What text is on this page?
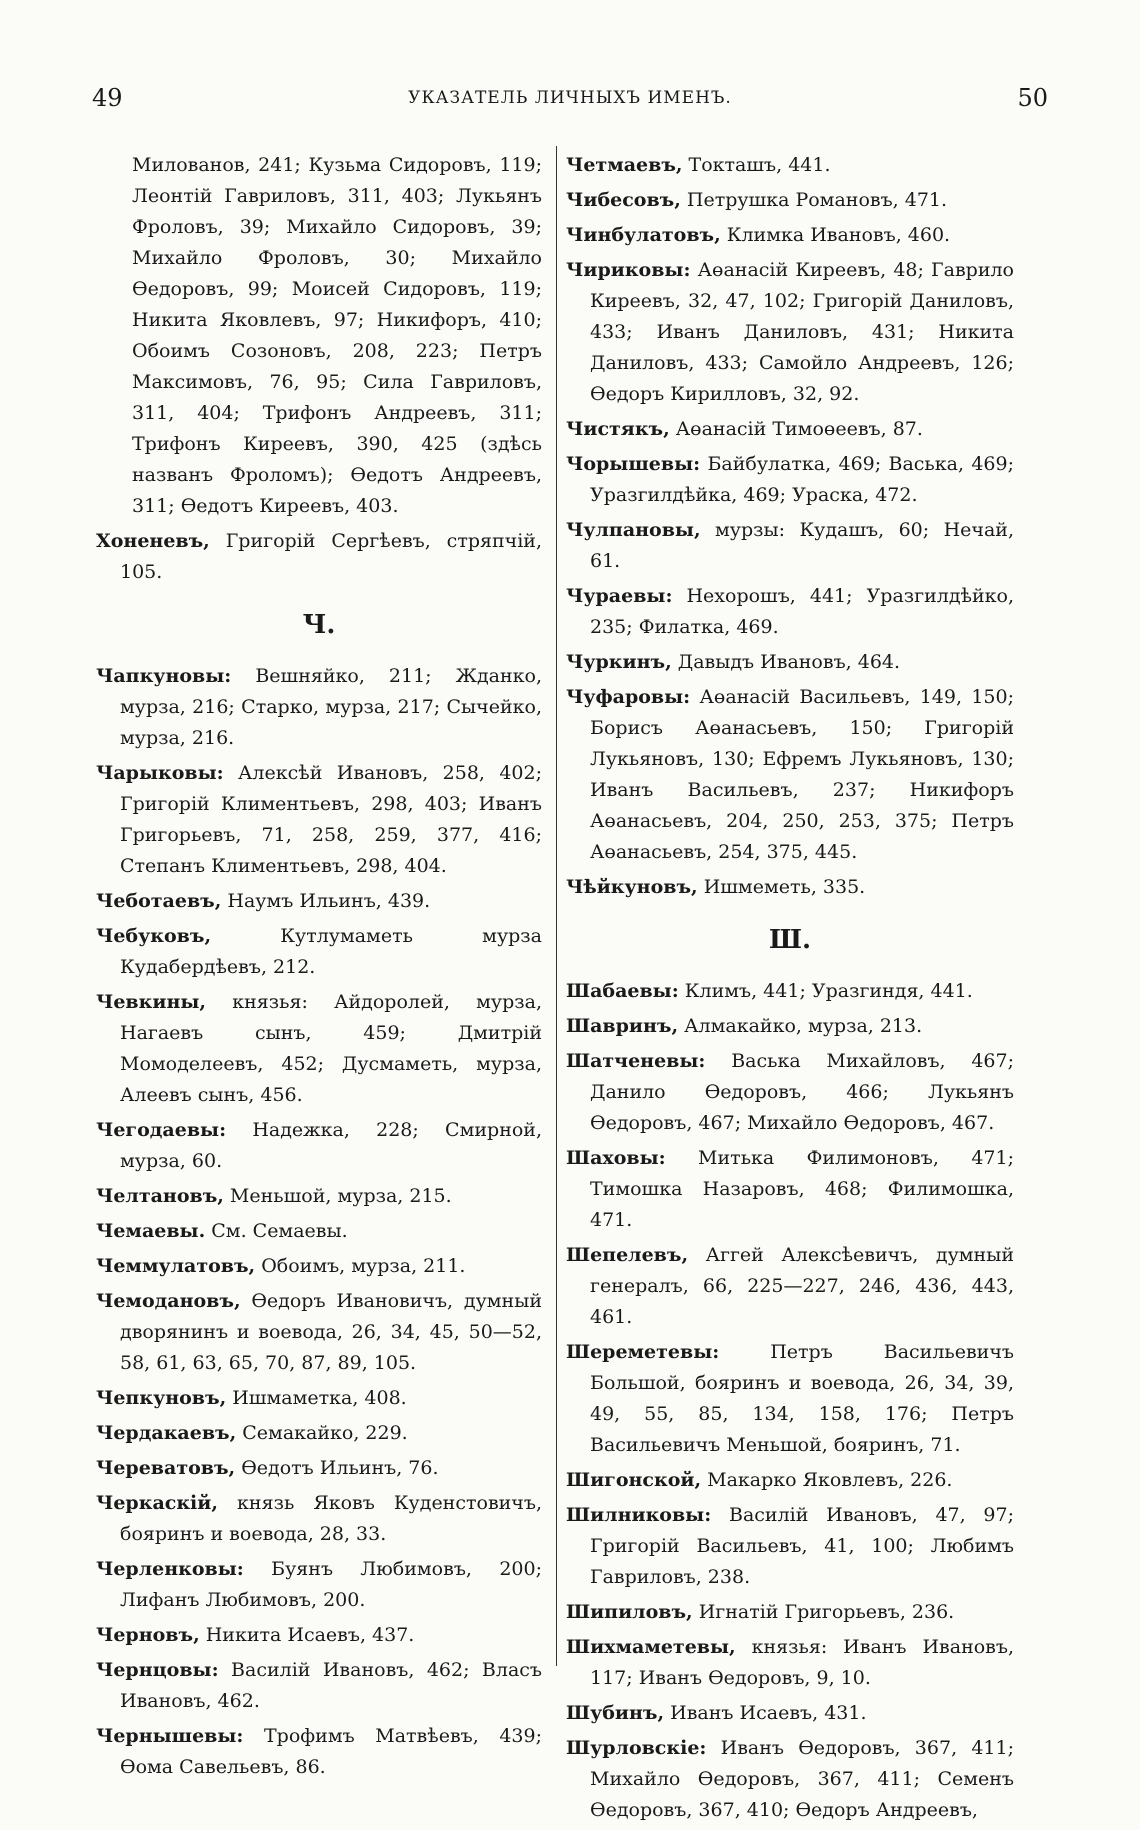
49	УКАЗАТЕЛЬ ЛИЧНЫХЪ ИМЕНЪ.	50
Милованов, 241; Кузьма Сидоровъ, 119; Леонтій Гавриловъ, 311, 403; Лукьянъ Фроловъ, 39; Михайло Сидоровъ, 39; Михайло Фроловъ, 30; Михайло Өедоровъ, 99; Моисей Сидоровъ, 119; Никита Яковлевъ, 97; Никифоръ, 410; Обоимъ Созоновъ, 208, 223; Петръ Максимовъ, 76, 95; Сила Гавриловъ, 311, 404; Трифонъ Андреевъ, 311; Трифонъ Киреевъ, 390, 425 (здѣсь названъ Фроломъ); Өедотъ Андреевъ, 311; Өедотъ Киреевъ, 403.
Хоненевъ, Григорій Сергѣевъ, стряпчій, 105.
Ч.
Чапкуновы: Вешняйко, 211; Жданко, мурза, 216; Старко, мурза, 217; Сычейко, мурза, 216.
Чарыковы: Алексѣй Ивановъ, 258, 402; Григорій Климентьевъ, 298, 403; Иванъ Григорьевъ, 71, 258, 259, 377, 416; Степанъ Климентьевъ, 298, 404.
Чеботаевъ, Наумъ Ильинъ, 439.
Чебуковъ, Кутлумаметь мурза Кудабердѣевъ, 212.
Чевкины, князья: Айдоролей, мурза, Нагаевъ сынъ, 459; Дмитрій Момоделеевъ, 452; Дусмаметь, мурза, Алеевъ сынъ, 456.
Чегодаевы: Надежка, 228; Смирной, мурза, 60.
Челтановъ, Меньшой, мурза, 215.
Чемаевы. См. Семаевы.
Чеммулатовъ, Обоимъ, мурза, 211.
Чемодановъ, Өедоръ Ивановичъ, думный дворянинъ и воевода, 26, 34, 45, 50—52, 58, 61, 63, 65, 70, 87, 89, 105.
Чепкуновъ, Ишмаметка, 408.
Чердакаевъ, Семакайко, 229.
Череватовъ, Өедотъ Ильинъ, 76.
Черкаскій, князь Яковъ Куденстовичъ, бояринъ и воевода, 28, 33.
Черленковы: Буянъ Любимовъ, 200; Лифанъ Любимовъ, 200.
Черновъ, Никита Исаевъ, 437.
Чернцовы: Василій Ивановъ, 462; Власъ Ивановъ, 462.
Чернышевы: Трофимъ Матвѣевъ, 439; Өома Савельевъ, 86.
Четмаевъ, Токташъ, 441.
Чибесовъ, Петрушка Романовъ, 471.
Чинбулатовъ, Климка Ивановъ, 460.
Чириковы: Аөанасій Киреевъ, 48; Гаврило Киреевъ, 32, 47, 102; Григорій Даниловъ, 433; Иванъ Даниловъ, 431; Никита Даниловъ, 433; Самойло Андреевъ, 126; Өедоръ Кирилловъ, 32, 92.
Чистякъ, Аөанасій Тимоөеевъ, 87.
Чорышевы: Байбулатка, 469; Васька, 469; Уразгилдѣйка, 469; Ураска, 472.
Чулпановы, мурзы: Кудашъ, 60; Нечай, 61.
Чураевы: Нехорошъ, 441; Уразгилдѣйко, 235; Филатка, 469.
Чуркинъ, Давыдъ Ивановъ, 464.
Чуфаровы: Аөанасій Васильевъ, 149, 150; Борисъ Аөанасьевъ, 150; Григорій Лукьяновъ, 130; Ефремъ Лукьяновъ, 130; Иванъ Васильевъ, 237; Никифоръ Аөанасьевъ, 204, 250, 253, 375; Петръ Аөанасьевъ, 254, 375, 445.
Чѣйкуновъ, Ишмеметь, 335.
Ш.
Шабаевы: Климъ, 441; Уразгиндя, 441.
Шавринъ, Алмакайко, мурза, 213.
Шатченевы: Васька Михайловъ, 467; Данило Өедоровъ, 466; Лукьянъ Өедоровъ, 467; Михайло Өедоровъ, 467.
Шаховы: Митька Филимоновъ, 471; Тимошка Назаровъ, 468; Филимошка, 471.
Шепелевъ, Аггей Алексѣевичъ, думный генералъ, 66, 225—227, 246, 436, 443, 461.
Шереметевы: Петръ Васильевичъ Большой, бояринъ и воевода, 26, 34, 39, 49, 55, 85, 134, 158, 176; Петръ Васильевичъ Меньшой, бояринъ, 71.
Шигонской, Макарко Яковлевъ, 226.
Шилниковы: Василій Ивановъ, 47, 97; Григорій Васильевъ, 41, 100; Любимъ Гавриловъ, 238.
Шипиловъ, Игнатій Григорьевъ, 236.
Шихмаметевы, князья: Иванъ Ивановъ, 117; Иванъ Өедоровъ, 9, 10.
Шубинъ, Иванъ Исаевъ, 431.
Шурловскіе: Иванъ Өедоровъ, 367, 411; Михайло Өедоровъ, 367, 411; Семенъ Өедоровъ, 367, 410; Өедоръ Андреевъ,
